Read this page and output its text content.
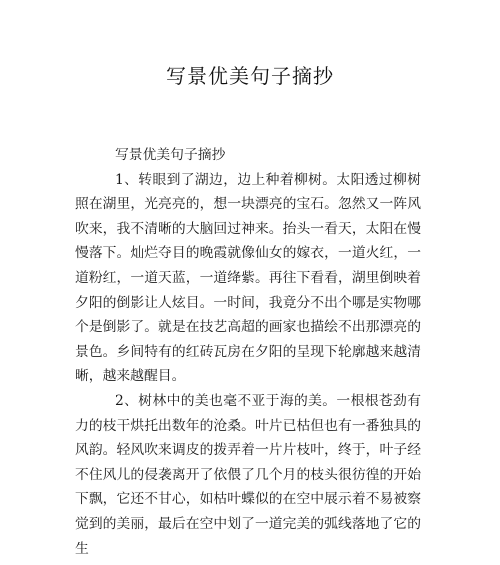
写景优美句子摘抄

写景优美句子摘抄

1、转眼到了湖边，边上种着柳树。太阳透过柳树照在湖里，光亮亮的，想一块漂亮的宝石。忽然又一阵风吹来，我不清晰的大脑回过神来。抬头一看天，太阳在慢慢落下。灿烂夺目的晚霞就像仙女的嫁衣，一道火红，一道粉红，一道天蓝，一道绛紫。再往下看看，湖里倒映着夕阳的倒影让人炫目。一时间，我竟分不出个哪是实物哪个是倒影了。就是在技艺高超的画家也描绘不出那漂亮的景色。乡间特有的红砖瓦房在夕阳的呈现下轮廓越来越清晰，越来越醒目。

2、树林中的美也毫不亚于海的美。一根根苍劲有力的枝干烘托出数年的沧桑。叶片已枯但也有一番独具的风韵。轻风吹来调皮的拨弄着一片片枝叶，终于，叶子经不住风儿的侵袭离开了依偎了几个月的枝头很彷徨的开始下飘，它还不甘心，如枯叶蝶似的在空中展示着不易被察觉到的美丽，最后在空中划了一道完美的弧线落地了它的生
